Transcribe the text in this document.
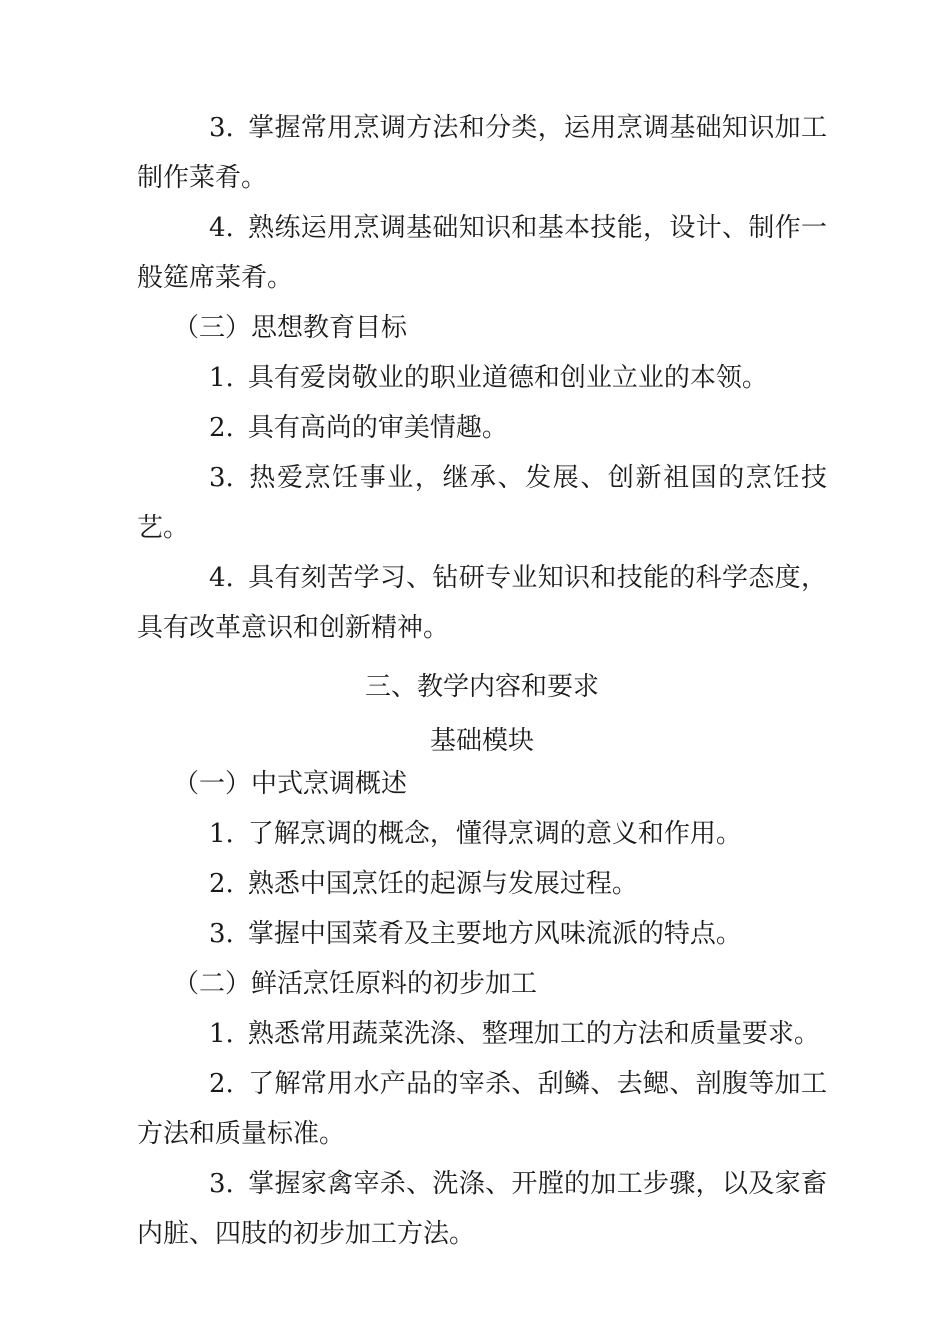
3. 掌握常用烹调方法和分类，运用烹调基础知识加工制作菜肴。

4. 熟练运用烹调基础知识和基本技能，设计、制作一般筵席菜肴。

（三）思想教育目标

1. 具有爱岗敬业的职业道德和创业立业的本领。

2. 具有高尚的审美情趣。

3. 热爱烹饪事业，继承、发展、创新祖国的烹饪技艺。

4. 具有刻苦学习、钻研专业知识和技能的科学态度，具有改革意识和创新精神。

三、教学内容和要求

基础模块

（一）中式烹调概述

1. 了解烹调的概念，懂得烹调的意义和作用。

2. 熟悉中国烹饪的起源与发展过程。

3. 掌握中国菜肴及主要地方风味流派的特点。

（二）鲜活烹饪原料的初步加工

1. 熟悉常用蔬菜洗涤、整理加工的方法和质量要求。

2. 了解常用水产品的宰杀、刮鳞、去鳃、剖腹等加工方法和质量标准。

3. 掌握家禽宰杀、洗涤、开膛的加工步骤，以及家畜内脏、四肢的初步加工方法。
